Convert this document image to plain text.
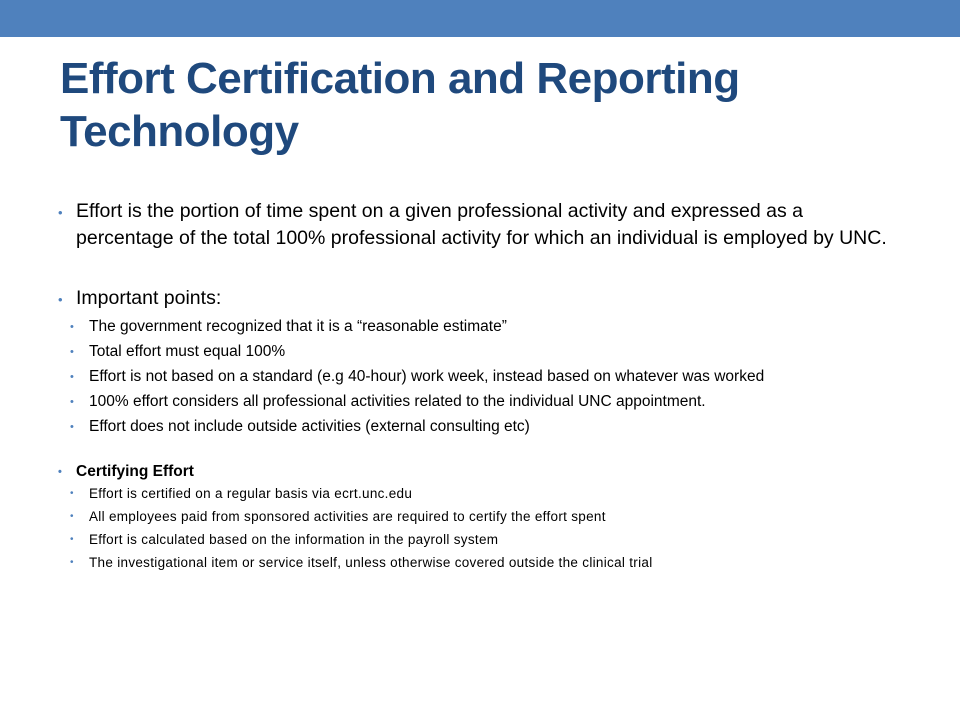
Effort Certification and Reporting Technology
• Effort is the portion of time spent on a given professional activity and expressed as a percentage of the total 100% professional activity for which an individual is employed by UNC.
• Important points:
• The government recognized that it is a “reasonable estimate”
• Total effort must equal 100%
• Effort is not based on a standard (e.g 40-hour) work week, instead based on whatever was worked
• 100% effort considers all professional activities related to the individual UNC appointment.
• Effort does not include outside activities (external consulting etc)
• Certifying Effort
• Effort is certified on a regular basis via ecrt.unc.edu
• All employees paid from sponsored activities are required to certify the effort spent
• Effort is calculated based on the information in the payroll system
• The investigational item or service itself, unless otherwise covered outside the clinical trial
